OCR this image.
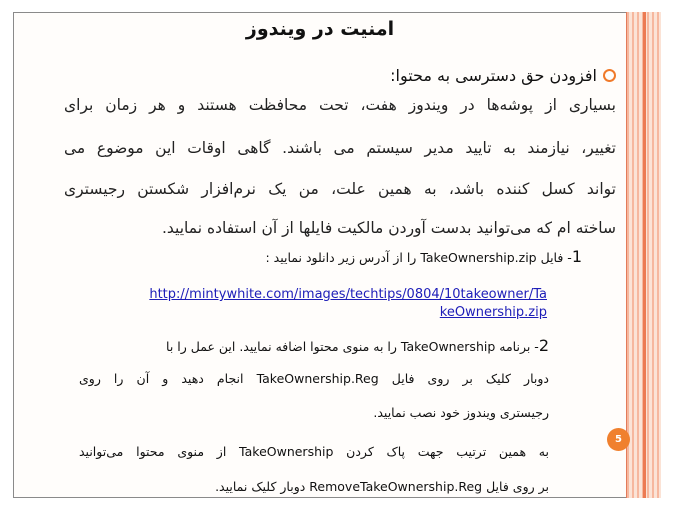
امنیت در ویندوز
افزودن حق دسترسی به محتوا:
بسیاری از پوشه‌ها در ویندوز هفت، تحت محافظت هستند و هر زمان برای
تغییر، نیازمند به تایید مدیر سیستم می باشند. گاهی اوقات این موضوع می
تواند کسل کننده باشد، به همین علت، من یک نرم‌افزار شکستن رجیستری
ساخته ام که می‌توانید بدست آوردن مالکیت فایلها از آن استفاده نمایید.
1- فایل TakeOwnership.zip را از آدرس زیر دانلود نمایید :
http://mintywhite.com/images/techtips/0804/10takeowner/Ta
keOwnership.zip
2- برنامه TakeOwnership را به منوی محتوا اضافه نمایید. این عمل را با
دوبار کلیک بر روی فایل TakeOwnership.Reg انجام دهید و آن را روی
رجیستری ویندوز خود نصب نمایید.
به همین ترتیب جهت پاک کردن TakeOwnership از منوی محتوا می‌توانید
بر روی فایل RemoveTakeOwnership.Reg دوبار کلیک نمایید.
5
